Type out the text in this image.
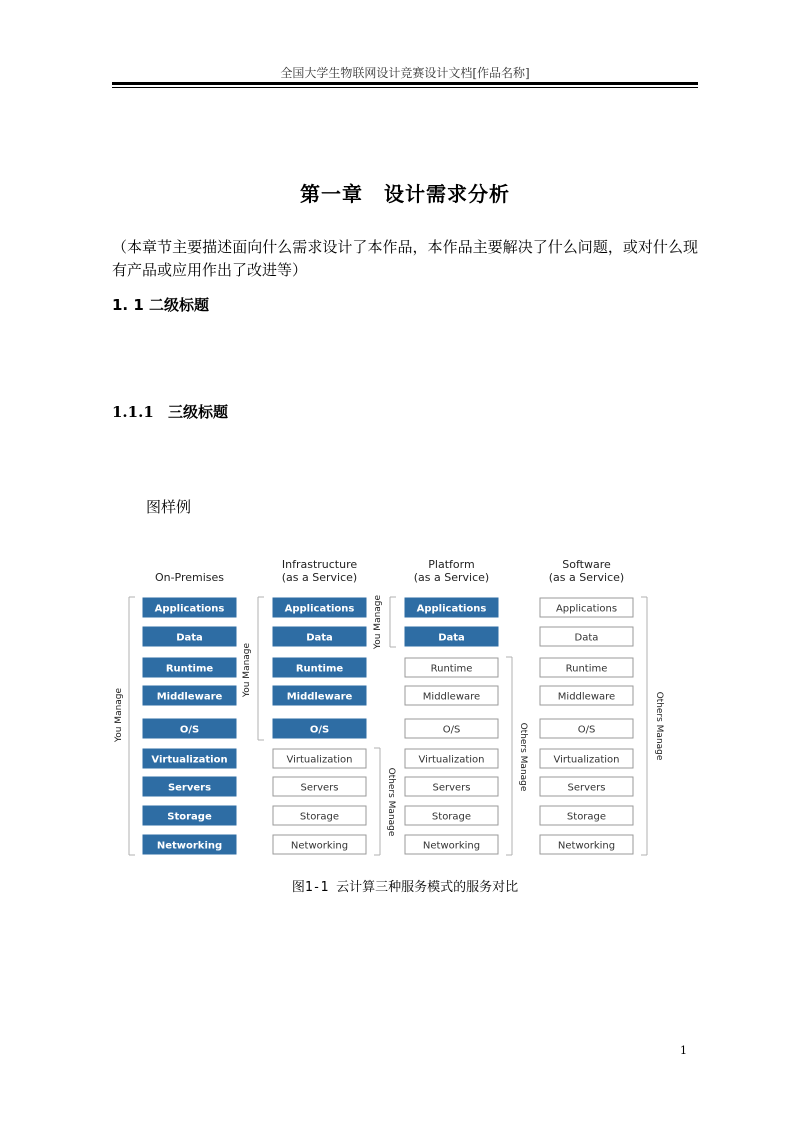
全国大学生物联网设计竞赛设计文档[作品名称]
第一章　设计需求分析
（本章节主要描述面向什么需求设计了本作品，本作品主要解决了什么问题，或对什么现有产品或应用作出了改进等）
1. 1 二级标题
1.1.1 三级标题
图样例
On-Premises
Applications
Data
Runtime
Middleware
O/S
Virtualization
Servers
Storage
Networking
Infrastructure
(as a Service)
Applications
Data
Runtime
Middleware
O/S
Virtualization
Servers
Storage
Networking
Platform
(as a Service)
Applications
Data
Runtime
Middleware
O/S
Virtualization
Servers
Storage
Networking
Software
(as a Service)
Applications
Data
Runtime
Middleware
O/S
Virtualization
Servers
Storage
Networking
You Manage
You Manage
Others Manage
You Manage
Others Manage	Others Manage
图1-1 云计算三种服务模式的服务对比
1
